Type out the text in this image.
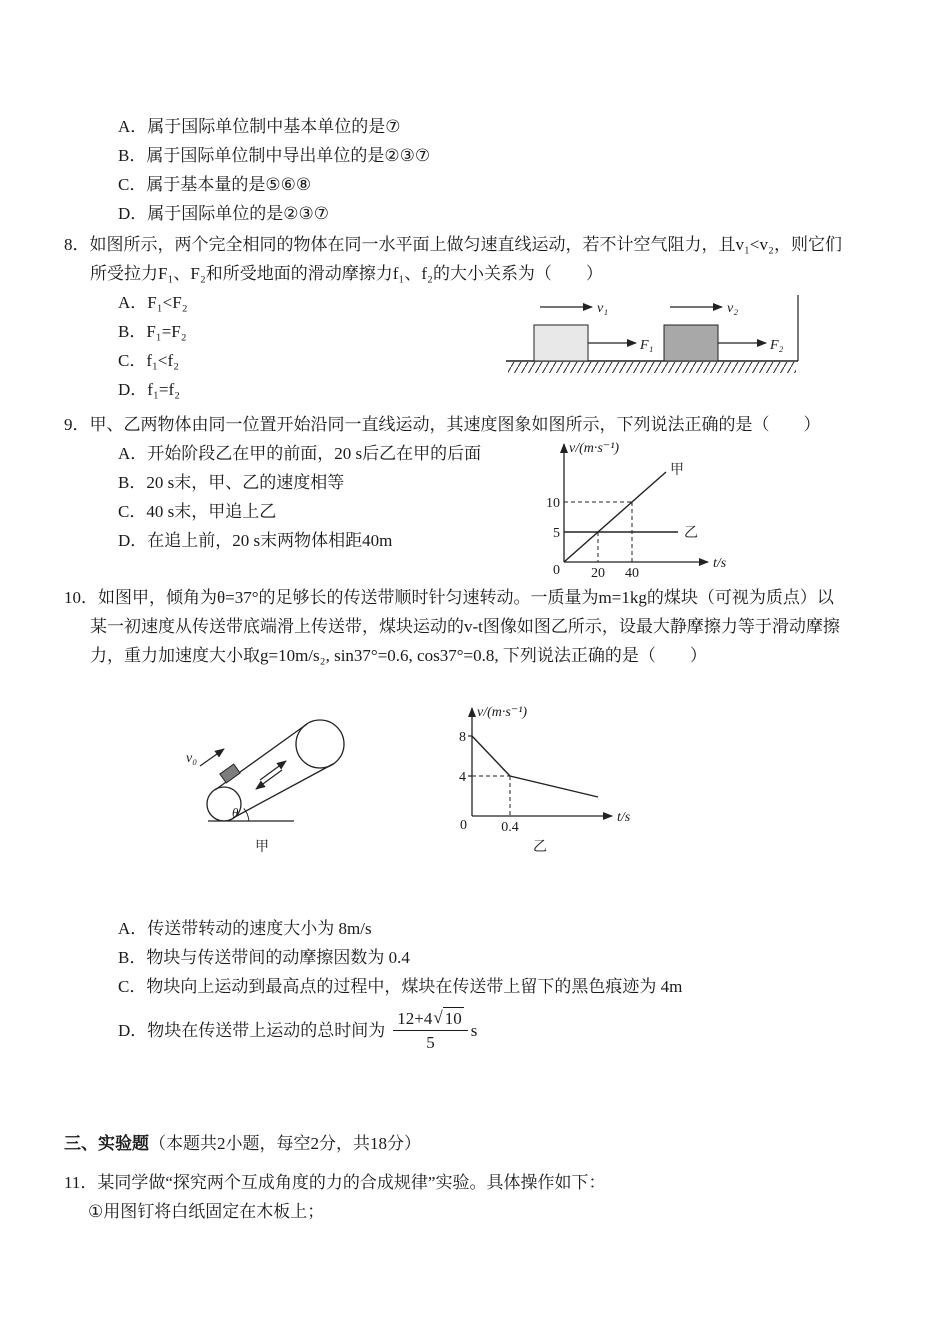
A．属于国际单位制中基本单位的是⑦
B．属于国际单位制中导出单位的是②③⑦
C．属于基本量的是⑤⑥⑧
D．属于国际单位的是②③⑦
8．如图所示，两个完全相同的物体在同一水平面上做匀速直线运动，若不计空气阻力，且v₁<v₂，则它们
所受拉力F₁、F₂和所受地面的滑动摩擦力f₁、f₂的大小关系为（　　）
A．F₁<F₂
B．F₁=F₂
C．f₁<f₂
D．f₁=f₂
v₁
F₁
v₂
F₂
9．甲、乙两物体由同一位置开始沿同一直线运动，其速度图象如图所示，下列说法正确的是（　　）
A．开始阶段乙在甲的前面，20 s后乙在甲的后面
B．20 s末，甲、乙的速度相等
C．40 s末，甲追上乙
D．在追上前，20 s末两物体相距40m
v/(m·s⁻¹)
t/s
甲
乙
10
5
0 20 40
10．如图甲，倾角为θ=37°的足够长的传送带顺时针匀速转动。一质量为m=1kg的煤块（可视为质点）以
某一初速度从传送带底端滑上传送带，煤块运动的v-t图像如图乙所示，设最大静摩擦力等于滑动摩擦
力，重力加速度大小取g=10m/s₂, sin37°=0.6, cos37°=0.8, 下列说法正确的是（　　）
v₀
θ
甲
v/(m·s⁻¹)
t/s
8
4
0 0.4
乙
A．传送带转动的速度大小为 8m/s
B．物块与传送带间的动摩擦因数为 0.4
C．物块向上运动到最高点的过程中，煤块在传送带上留下的黑色痕迹为 4m
D．物块在传送带上运动的总时间为 $\frac{12+4 √ 10}{5}$ s
三、实验题（本题共2小题，每空2分，共18分）
11．某同学做“探究两个互成角度的力的合成规律”实验。具体操作如下：
①用图钉将白纸固定在木板上；
